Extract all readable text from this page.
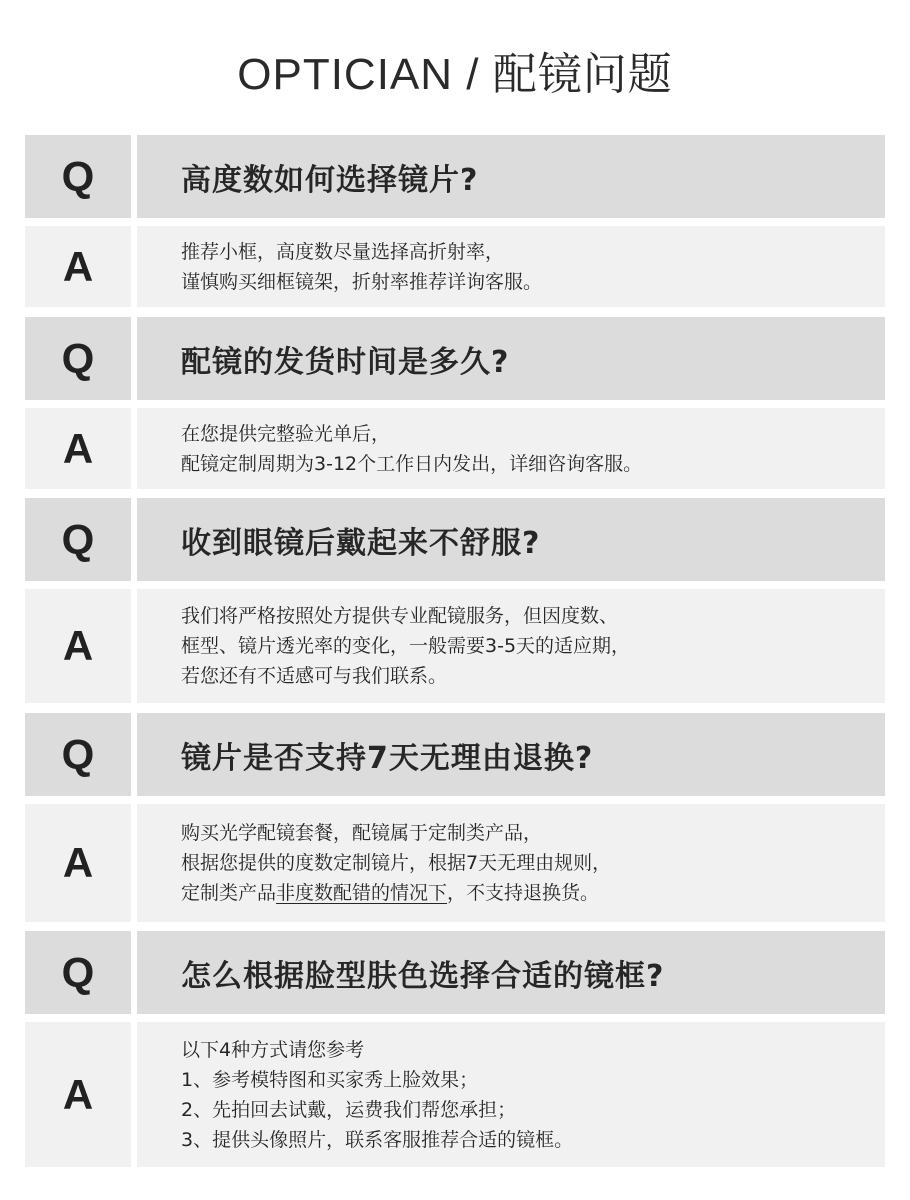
OPTICIAN / 配镜问题
Q	高度数如何选择镜片?
A	推荐小框，高度数尽量选择高折射率，
谨慎购买细框镜架，折射率推荐详询客服。
Q	配镜的发货时间是多久?
A	在您提供完整验光单后，
配镜定制周期为3-12个工作日内发出，详细咨询客服。
Q	收到眼镜后戴起来不舒服?
A
我们将严格按照处方提供专业配镜服务，但因度数、
框型、镜片透光率的变化，一般需要3-5天的适应期，
若您还有不适感可与我们联系。
Q	镜片是否支持7天无理由退换?
A
购买光学配镜套餐，配镜属于定制类产品，
根据您提供的度数定制镜片，根据7天无理由规则，
定制类产品非度数配错的情况下，不支持退换货。
Q	怎么根据脸型肤色选择合适的镜框?
A
以下4种方式请您参考
1、参考模特图和买家秀上脸效果；
2、先拍回去试戴，运费我们帮您承担；
3、提供头像照片，联系客服推荐合适的镜框。
